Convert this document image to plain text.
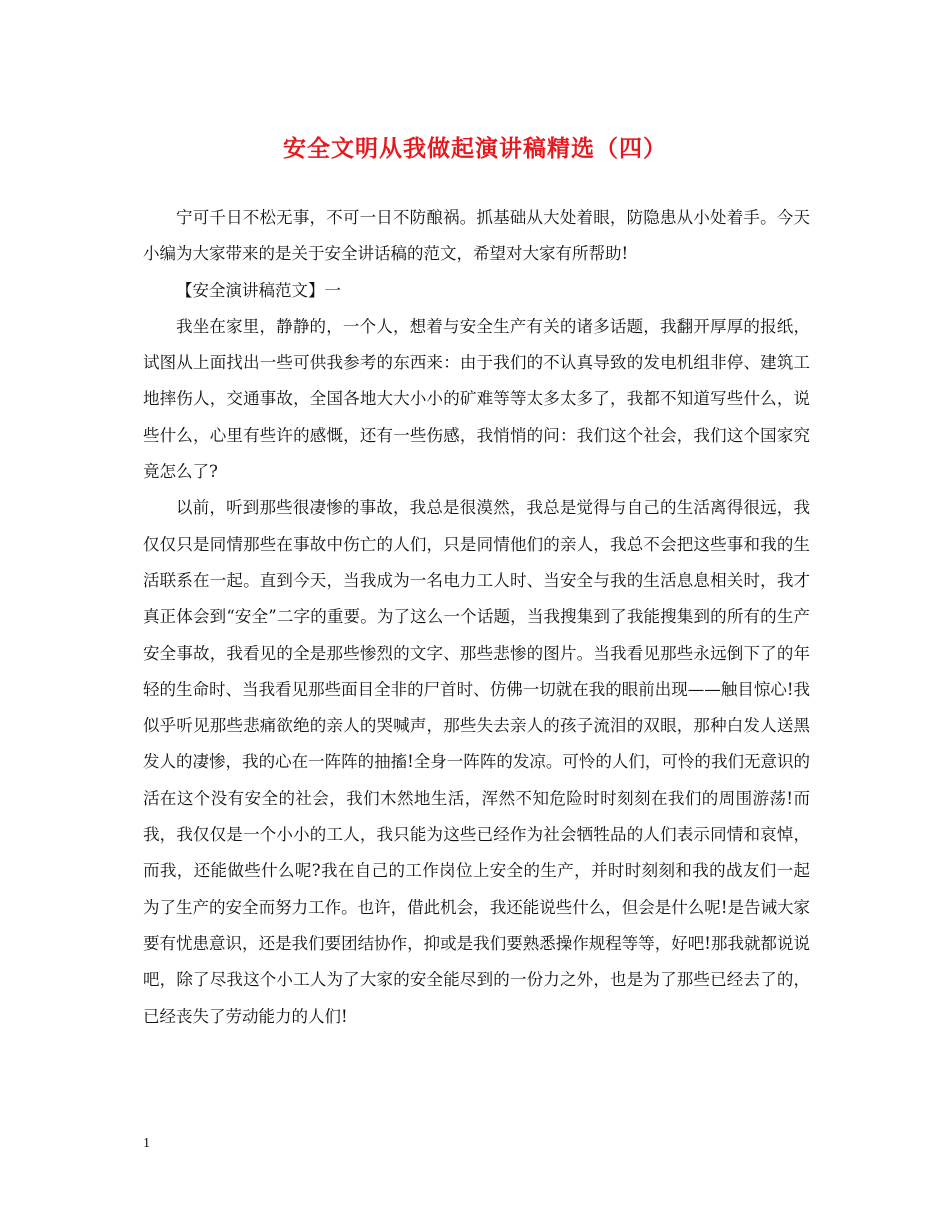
安全文明从我做起演讲稿精选（四）

宁可千日不松无事，不可一日不防酿祸。抓基础从大处着眼，防隐患从小处着手。今天小编为大家带来的是关于安全讲话稿的范文，希望对大家有所帮助!

【安全演讲稿范文】一

我坐在家里，静静的，一个人，想着与安全生产有关的诸多话题，我翻开厚厚的报纸，试图从上面找出一些可供我参考的东西来：由于我们的不认真导致的发电机组非停、建筑工地摔伤人，交通事故，全国各地大大小小的矿难等等太多太多了，我都不知道写些什么，说些什么，心里有些许的感慨，还有一些伤感，我悄悄的问：我们这个社会，我们这个国家究竟怎么了?

以前，听到那些很凄惨的事故，我总是很漠然，我总是觉得与自己的生活离得很远，我仅仅只是同情那些在事故中伤亡的人们，只是同情他们的亲人，我总不会把这些事和我的生活联系在一起。直到今天，当我成为一名电力工人时、当安全与我的生活息息相关时，我才真正体会到“安全”二字的重要。为了这么一个话题，当我搜集到了我能搜集到的所有的生产安全事故，我看见的全是那些惨烈的文字、那些悲惨的图片。当我看见那些永远倒下了的年轻的生命时、当我看见那些面目全非的尸首时、仿佛一切就在我的眼前出现——触目惊心!我似乎听见那些悲痛欲绝的亲人的哭喊声，那些失去亲人的孩子流泪的双眼，那种白发人送黑发人的凄惨，我的心在一阵阵的抽搐!全身一阵阵的发凉。可怜的人们，可怜的我们无意识的活在这个没有安全的社会，我们木然地生活，浑然不知危险时时刻刻在我们的周围游荡!而我，我仅仅是一个小小的工人，我只能为这些已经作为社会牺牲品的人们表示同情和哀悼，而我，还能做些什么呢?我在自己的工作岗位上安全的生产，并时时刻刻和我的战友们一起为了生产的安全而努力工作。也许，借此机会，我还能说些什么，但会是什么呢!是告诫大家要有忧患意识，还是我们要团结协作，抑或是我们要熟悉操作规程等等，好吧!那我就都说说吧，除了尽我这个小工人为了大家的安全能尽到的一份力之外，也是为了那些已经去了的，已经丧失了劳动能力的人们!

1
